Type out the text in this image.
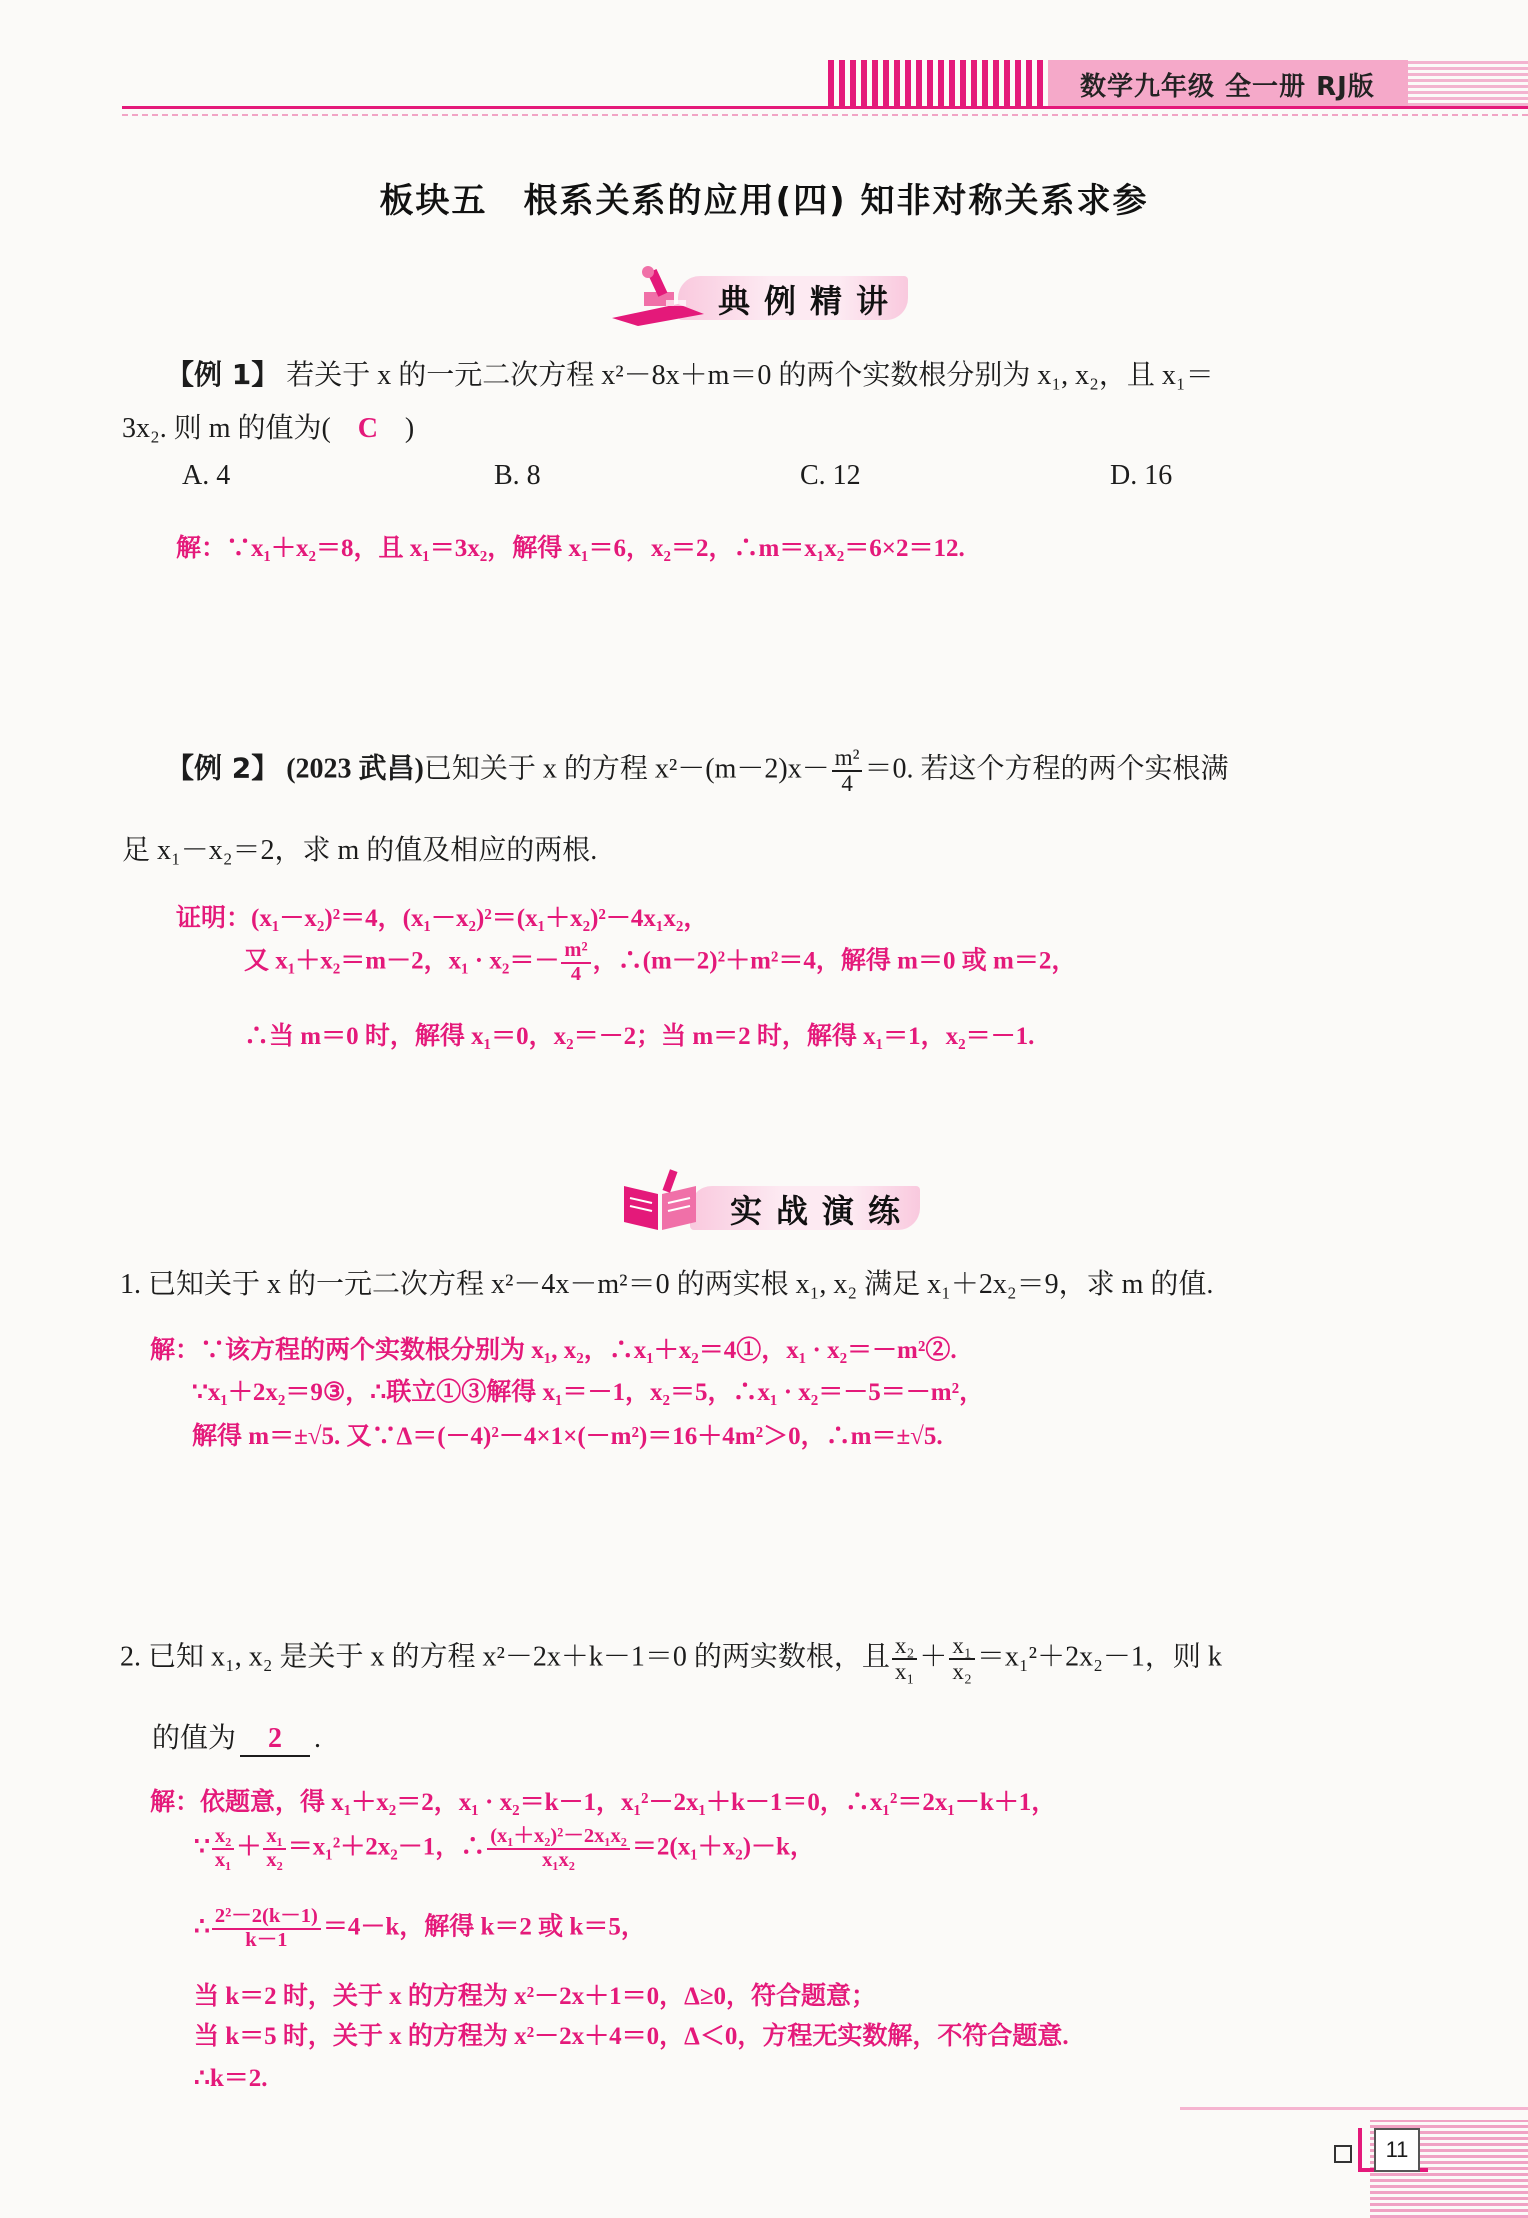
数学九年级 全一册 RJ版
板块五　根系关系的应用(四) 知非对称关系求参
典例精讲
【例 1】 若关于 x 的一元二次方程 x²－8x＋m＝0 的两个实数根分别为 x₁, x₂，且 x₁＝
3x₂. 则 m 的值为( C )
A. 4	B. 8	C. 12	D. 16
解：∵x₁＋x₂＝8，且 x₁＝3x₂，解得 x₁＝6，x₂＝2，∴m＝x₁x₂＝6×2＝12.
【例 2】 (2023 武昌)已知关于 x 的方程 $x^2-(m-2)x- \frac{\text{m²}}{4} =0$. 若这个方程的两个实根满
足 x₁－x₂＝2，求 m 的值及相应的两根.
证明：(x₁－x₂)²＝4，(x₁－x₂)²＝(x₁＋x₂)²－4x₁x₂，
又 x₁＋x₂＝m－2，$x_1 \cdot x_2=- \frac{\text{m²}}{4}$ ，∴(m－2)²＋m²＝4，解得 m＝0 或 m＝2，
∴当 m＝0 时，解得 x₁＝0，x₂＝－2；当 m＝2 时，解得 x₁＝1，x₂＝－1.
实战演练
1. 已知关于 x 的一元二次方程 x²－4x－m²＝0 的两实根 x₁, x₂ 满足 x₁＋2x₂＝9，求 m 的值.
解：∵该方程的两个实数根分别为 x₁, x₂，∴x₁＋x₂＝4①，x₁ · x₂＝－m²②.
∵x₁＋2x₂＝9③，∴联立①③解得 x₁＝－1，x₂＝5，∴x₁ · x₂＝－5＝－m²，
解得 m＝±√5. 又∵Δ＝(－4)²－4×1×(－m²)＝16＋4m²＞0，∴m＝±√5.
2. 已知 x₁, x₂ 是关于 x 的方程 x²－2x＋k－1＝0 的两实数根，且 $\frac{\text{x₂}}{\text{x₁}} + \frac{\text{x₁}}{\text{x₂}} =x_1^2+2x_2-1$，则 k
的值为 2 .
解：依题意，得 x₁＋x₂＝2，x₁ · x₂＝k－1，x₁²－2x₁＋k－1＝0，∴x₁²＝2x₁－k＋1，
∵ $\frac{\text{x₂}}{\text{x₁}} + \frac{\text{x₁}}{\text{x₂}} =x_1^2+2x_2-1$，∴ $\frac{\text{(x₁＋x₂)²－2x₁x₂}}{\text{x₁x₂}} =2(x_1+x_2)-k$，
∴ $\frac{\text{2²－2(k－1)}}{k-1} =4-k$，解得 k＝2 或 k＝5，
当 k＝2 时，关于 x 的方程为 x²－2x＋1＝0，Δ≥0，符合题意；
当 k＝5 时，关于 x 的方程为 x²－2x＋4＝0，Δ＜0，方程无实数解，不符合题意.
∴k＝2.
11
